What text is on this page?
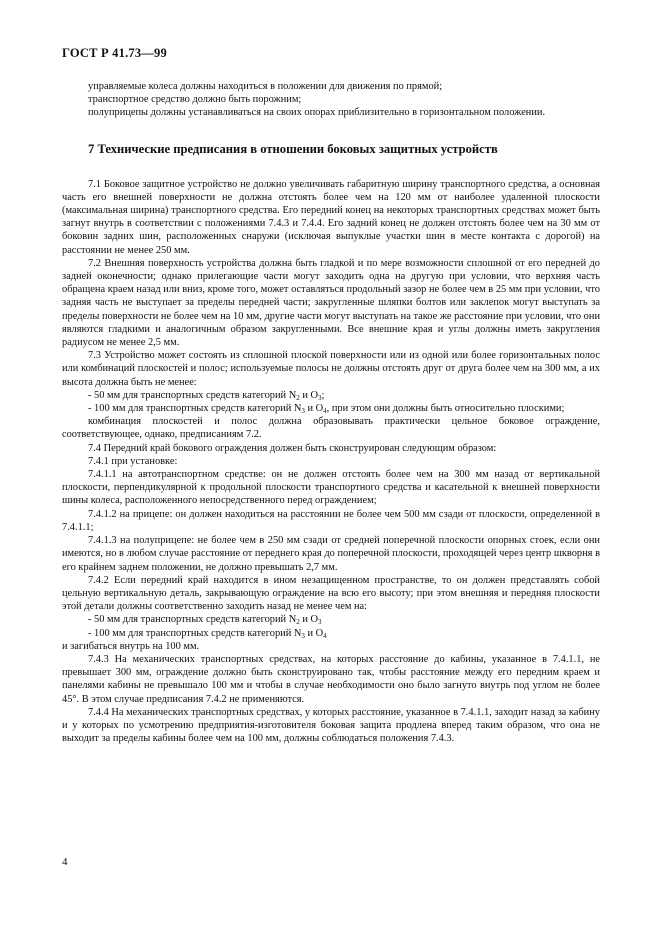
ГОСТ Р 41.73—99

управляемые колеса должны находиться в положении для движения по прямой;

транспортное средство должно быть порожним;

полуприцепы должны устанавливаться на своих опорах приблизительно в горизонтальном положении.

7 Технические предписания в отношении боковых защитных устройств

7.1 Боковое защитное устройство не должно увеличивать габаритную ширину транспортного средства, а основная часть его внешней поверхности не должна отстоять более чем на 120 мм от наиболее удаленной плоскости (максимальная ширина) транспортного средства. Его передний конец на некоторых транспортных средствах может быть загнут внутрь в соответствии с положениями 7.4.3 и 7.4.4. Его задний конец не должен отстоять более чем на 30 мм от боковин задних шин, расположенных снаружи (исключая выпуклые участки шин в месте контакта с дорогой) на расстоянии не менее 250 мм.

7.2 Внешняя поверхность устройства должна быть гладкой и по мере возможности сплошной от его передней до задней оконечности; однако прилегающие части могут заходить одна на другую при условии, что верхняя часть обращена краем назад или вниз, кроме того, может оставляться продольный зазор не более чем в 25 мм при условии, что задняя часть не выступает за пределы передней части; закругленные шляпки болтов или заклепок могут выступать за пределы поверхности не более чем на 10 мм, другие части могут выступать на такое же расстояние при условии, что они являются гладкими и аналогичным образом закругленными. Все внешние края и углы должны иметь закругления радиусом не менее 2,5 мм.

7.3 Устройство может состоять из сплошной плоской поверхности или из одной или более горизонтальных полос или комбинаций плоскостей и полос; используемые полосы не должны отстоять друг от друга более чем на 300 мм, а их высота должна быть не менее:

- 50 мм для транспортных средств категорий $N_2$ и $O_3$;

- 100 мм для транспортных средств категорий $N_3$ и $O_4$, при этом они должны быть относительно плоскими;

комбинация плоскостей и полос должна образовывать практически цельное боковое ограждение, соответствующее, однако, предписаниям 7.2.

7.4 Передний край бокового ограждения должен быть сконструирован следующим образом:

7.4.1 при установке:

7.4.1.1 на автотранспортном средстве: он не должен отстоять более чем на 300 мм назад от вертикальной плоскости, перпендикулярной к продольной плоскости транспортного средства и касательной к внешней поверхности шины колеса, расположенного непосредственного перед ограждением;

7.4.1.2 на прицепе: он должен находиться на расстоянии не более чем 500 мм сзади от плоскости, определенной в 7.4.1.1;

7.4.1.3 на полуприцепе: не более чем в 250 мм сзади от средней поперечной плоскости опорных стоек, если они имеются, но в любом случае расстояние от переднего края до поперечной плоскости, проходящей через центр шкворня в его крайнем заднем положении, не должно превышать 2,7 мм.

7.4.2 Если передний край находится в ином незащищенном пространстве, то он должен представлять собой цельную вертикальную деталь, закрывающую ограждение на всю его высоту; при этом внешняя и передняя плоскости этой детали должны соответственно заходить назад не менее чем на:

- 50 мм для транспортных средств категорий $N_2$ и $O_3$

- 100 мм для транспортных средств категорий $N_3$ и $O_4$

и загибаться внутрь на 100 мм.

7.4.3 На механических транспортных средствах, на которых расстояние до кабины, указанное в 7.4.1.1, не превышает 300 мм, ограждение должно быть сконструировано так, чтобы расстояние между его передним краем и панелями кабины не превышало 100 мм и чтобы в случае необходимости оно было загнуто внутрь под углом не более 45°. В этом случае предписания 7.4.2 не применяются.

7.4.4 На механических транспортных средствах, у которых расстояние, указанное в 7.4.1.1, заходит назад за кабину и у которых по усмотрению предприятия-изготовителя боковая защита продлена вперед таким образом, что она не выходит за пределы кабины более чем на 100 мм, должны соблюдаться положения 7.4.3.

4
